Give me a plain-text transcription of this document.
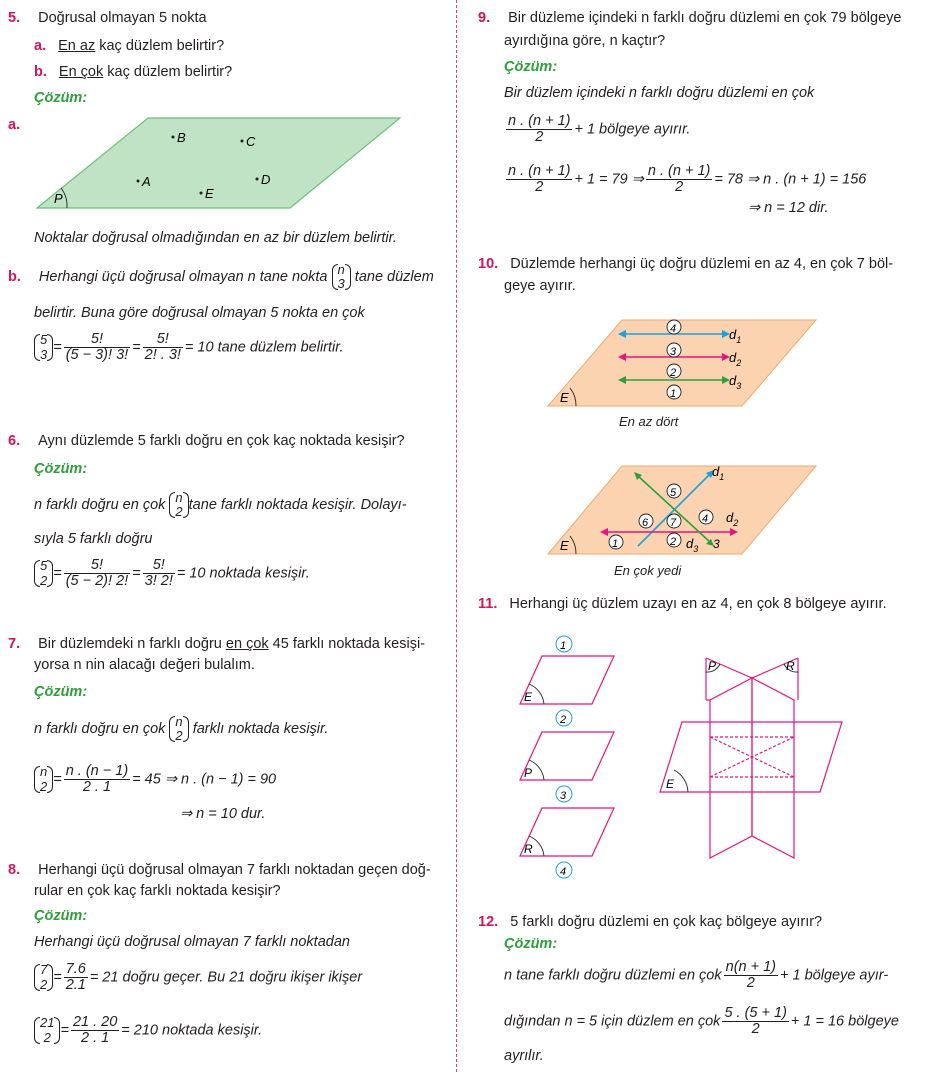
5. Doğrusal olmayan 5 nokta
a. En az kaç düzlem belirtir?
b. En çok kaç düzlem belirtir?
Çözüm:
a.
P
B	C
A	D
E
Noktalar doğrusal olmadığından en az bir düzlem belirtir.
b. Herhangi üçü doğrusal olmayan n tane nokta n
3 tane düzlem
belirtir. Buna göre doğrusal olmayan 5 nokta en çok
5
$3 = \frac{5!}{(5 - 3)! 3!} = \frac{5!}{2! . 3!} = 10$ tane düzlem belirtir.
6. Aynı düzlemde 5 farklı doğru en çok kaç noktada kesişir?
Çözüm:
n farklı doğru en çok n
2 tane farklı noktada kesişir. Dolayı-
sıyla 5 farklı doğru
5
$2 = \frac{5!}{(5 - 2)! 2!} = \frac{5!}{3! 2!} = 10$ noktada kesişir.
7. Bir düzlemdeki n farklı doğru en çok 45 farklı noktada kesişi-
yorsa n nin alacağı değeri bulalım.
Çözüm:
n farklı doğru en çok n
2 farklı noktada kesişir.
n
$2 = \frac{n . (n - 1)}{2 . 1} = 45$ ⇒ n . (n − 1) = 90
⇒ n = 10 dur.
8. Herhangi üçü doğrusal olmayan 7 farklı noktadan geçen doğ-
rular en çok kaç farklı noktada kesişir?
Çözüm:
Herhangi üçü doğrusal olmayan 7 farklı noktadan
7
$2 = \frac{7.6}{2.1} = 21$ doğru geçer. Bu 21 doğru ikişer ikişer
21
$2 = \frac{21 . 20}{2 . 1} = 210$ noktada kesişir.
9. Bir düzleme içindeki n farklı doğru düzlemi en çok 79 bölgeye
ayırdığına göre, n kaçtır?
Çözüm:
Bir düzlem içindeki n farklı doğru düzlemi en çok
$\frac{n . (n + 1)}{2} + 1$ bölgeye ayırır.
$\frac{n . (n + 1)}{2} + 1 = 79$ ⇒ $\frac{n . (n + 1)}{2} = 78$ ⇒ n . (n + 1) = 156
⇒ n = 12 dir.
10. Düzlemde herhangi üç doğru düzlemi en az 4, en çok 7 böl-
geye ayırır.
E
$d_1$
$d_2$
$d_3$
4
3
2
1
En az dört
E
$d_1$
$d_2$
$d_3$
5
4
6 7
1	2	3
En çok yedi
11. Herhangi üç düzlem uzayı en az 4, en çok 8 bölgeye ayırır.
1
E
2
P
3
R
4
E
P	R
12. 5 farklı doğru düzlemi en çok kaç bölgeye ayırır?
Çözüm:
n tane farklı doğru düzlemi en çok $\frac{n(n + 1)}{2} + 1$ bölgeye ayır-
dığından n = 5 için düzlem en çok $\frac{5 . (5 + 1)}{2} + 1 = 16$ bölgeye
ayrılır.
